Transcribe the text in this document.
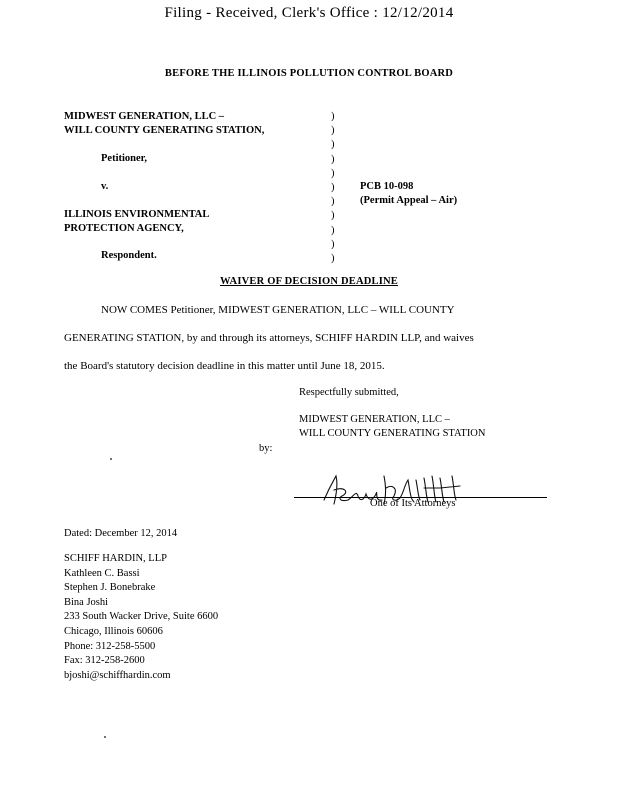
Filing - Received, Clerk's Office : 12/12/2014
BEFORE THE ILLINOIS POLLUTION CONTROL BOARD
MIDWEST GENERATION, LLC –
WILL COUNTY GENERATING STATION,
Petitioner,
v.
ILLINOIS ENVIRONMENTAL
PROTECTION AGENCY,
Respondent.
)
)
)
)
)
)
)
)
)
)
)
PCB 10-098
(Permit Appeal – Air)
WAIVER OF DECISION DEADLINE
NOW COMES Petitioner, MIDWEST GENERATION, LLC – WILL COUNTY
GENERATING STATION, by and through its attorneys, SCHIFF HARDIN LLP, and waives
the Board's statutory decision deadline in this matter until June 18, 2015.
Respectfully submitted,
MIDWEST GENERATION, LLC –
WILL COUNTY GENERATING STATION
by:
One of Its Attorneys
Dated: December 12, 2014
SCHIFF HARDIN, LLP
Kathleen C. Bassi
Stephen J. Bonebrake
Bina Joshi
233 South Wacker Drive, Suite 6600
Chicago, Illinois 60606
Phone: 312-258-5500
Fax: 312-258-2600
bjoshi@schiffhardin.com
